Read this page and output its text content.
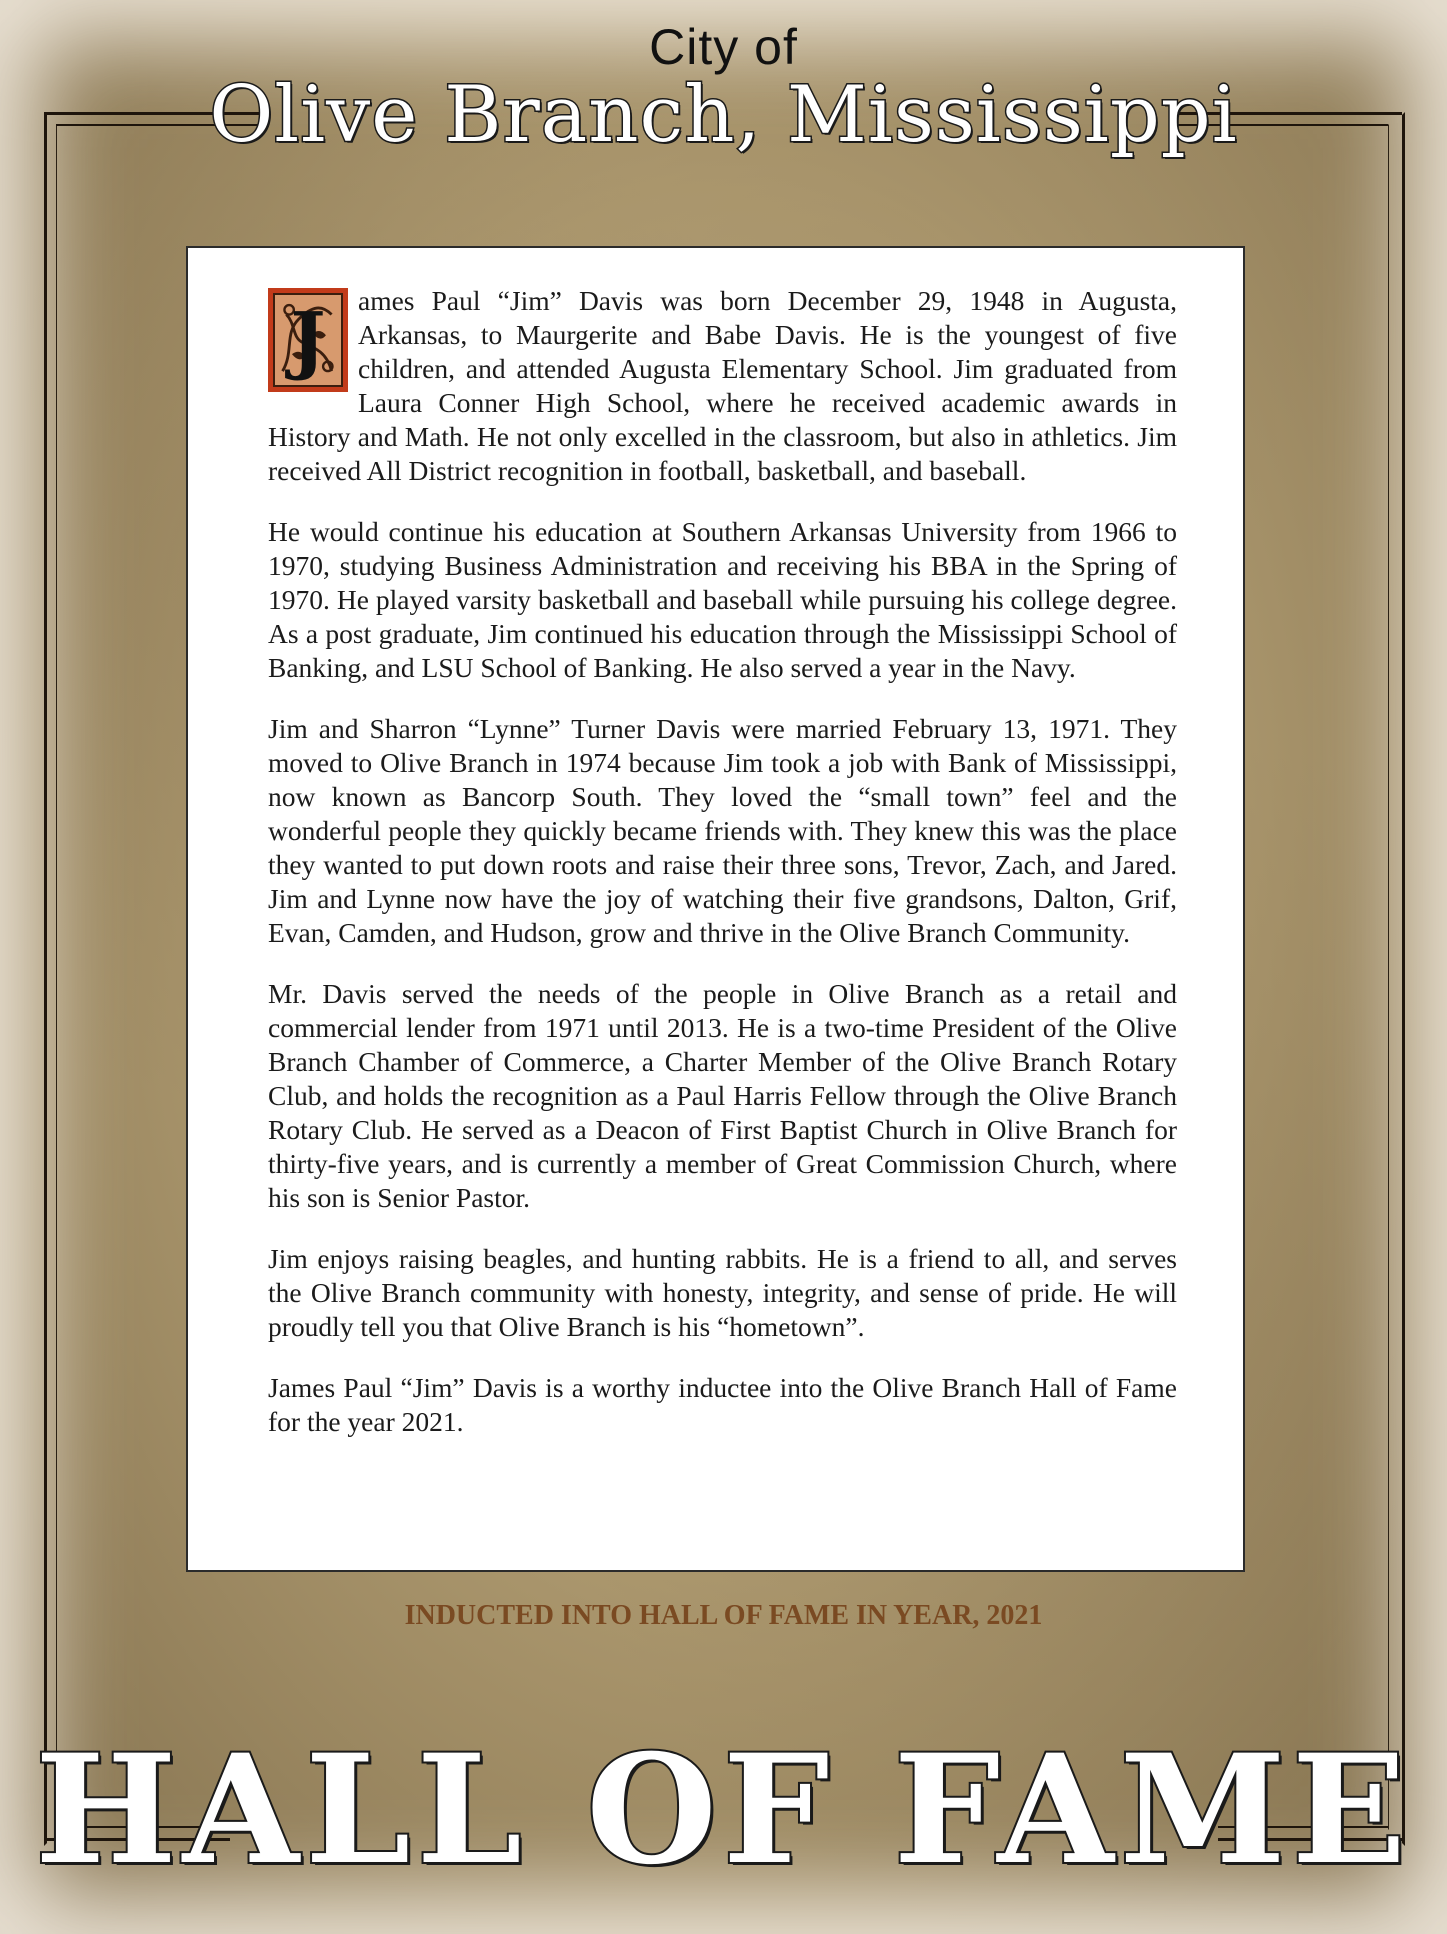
City of
Olive Branch, Mississippi

J ames Paul “Jim” Davis was born December 29, 1948 in Augusta, Arkansas, to Maurgerite and Babe Davis. He is the youngest of five children, and attended Augusta Elementary School. Jim graduated from Laura Conner High School, where he received academic awards in History and Math. He not only excelled in the classroom, but also in athletics. Jim received All District recognition in football, basketball, and baseball.

He would continue his education at Southern Arkansas University from 1966 to 1970, studying Business Administration and receiving his BBA in the Spring of 1970. He played varsity basketball and baseball while pursuing his college degree. As a post graduate, Jim continued his education through the Mississippi School of Banking, and LSU School of Banking. He also served a year in the Navy.

Jim and Sharron “Lynne” Turner Davis were married February 13, 1971. They moved to Olive Branch in 1974 because Jim took a job with Bank of Mississippi, now known as Bancorp South. They loved the “small town” feel and the wonderful people they quickly became friends with. They knew this was the place they wanted to put down roots and raise their three sons, Trevor, Zach, and Jared. Jim and Lynne now have the joy of watching their five grandsons, Dalton, Grif, Evan, Camden, and Hudson, grow and thrive in the Olive Branch Community.

Mr. Davis served the needs of the people in Olive Branch as a retail and commercial lender from 1971 until 2013. He is a two-time President of the Olive Branch Chamber of Commerce, a Charter Member of the Olive Branch Rotary Club, and holds the recognition as a Paul Harris Fellow through the Olive Branch Rotary Club. He served as a Deacon of First Baptist Church in Olive Branch for thirty-five years, and is currently a member of Great Commission Church, where his son is Senior Pastor.

Jim enjoys raising beagles, and hunting rabbits. He is a friend to all, and serves the Olive Branch community with honesty, integrity, and sense of pride. He will proudly tell you that Olive Branch is his “hometown”.

James Paul “Jim” Davis is a worthy inductee into the Olive Branch Hall of Fame for the year 2021.

INDUCTED INTO HALL OF FAME IN YEAR, 2021
HALL OF FAME
